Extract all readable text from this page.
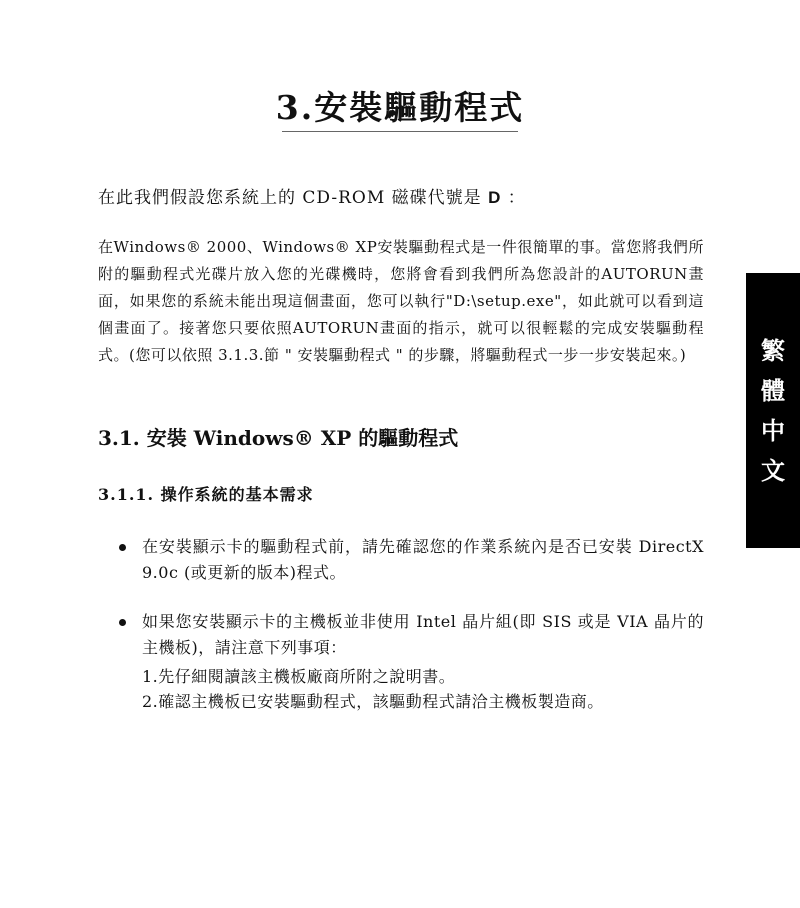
3.安裝驅動程式
在此我們假設您系統上的 CD-ROM 磁碟代號是 D ：
在Windows® 2000、Windows® XP安裝驅動程式是一件很簡單的事。當您將我們所附的驅動程式光碟片放入您的光碟機時，您將會看到我們所為您設計的AUTORUN畫面，如果您的系統未能出現這個畫面，您可以執行"D:\setup.exe"，如此就可以看到這個畫面了。接著您只要依照AUTORUN畫面的指示，就可以很輕鬆的完成安裝驅動程式。(您可以依照 3.1.3.節 " 安裝驅動程式 " 的步驟，將驅動程式一步一步安裝起來。)
3.1. 安裝 Windows® XP 的驅動程式
3.1.1. 操作系統的基本需求
在安裝顯示卡的驅動程式前，請先確認您的作業系統內是否已安裝 DirectX 9.0c (或更新的版本)程式。
如果您安裝顯示卡的主機板並非使用 Intel 晶片組(即 SIS 或是 VIA 晶片的主機板)，請注意下列事項：
1.先仔細閱讀該主機板廠商所附之說明書。
2.確認主機板已安裝驅動程式，該驅動程式請洽主機板製造商。
繁
體
中
文
